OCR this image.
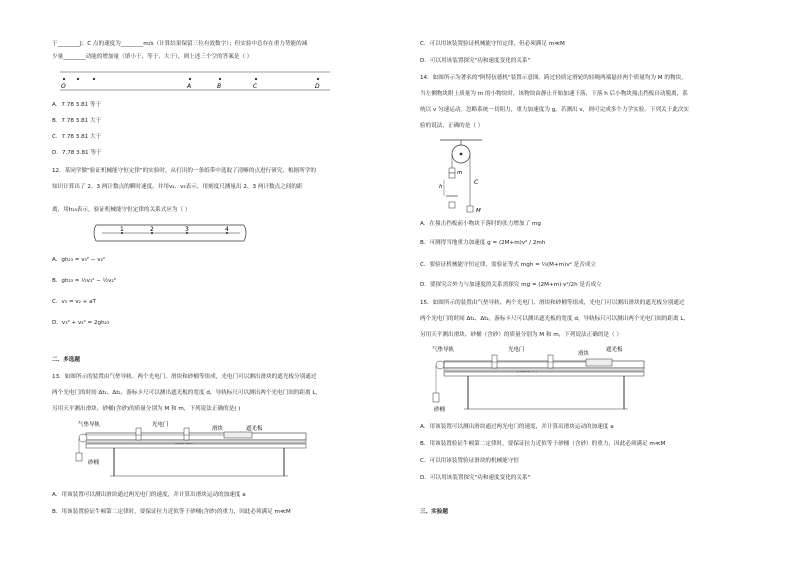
于________J；C 点的速度为________m/s（计算结果保留三位有效数字）；但实验中总存在重力势能的减
少量________动能的增加量（填小于、等于、大于），则上述三个空的答案是（ ）
O	A	B	C	D
A．7.78 3.81 等于
B．7.78 3.81 大于
C．7.78 3.81 大于
D．7.78 3.81 等于
12．某同学做"验证机械能守恒定律"的实验时，从打出的一条纸带中选取了清晰的点进行研究，根据所学的
知识计算出了 2、3 两计数点的瞬时速度，并用v₂、v₃表示，用刻度尺测量出 2、3 两计数点之间的距
离，用h₂₃表示，验证机械能守恒定律的关系式应为（ ）
1	2	3	4
A．gh₂₃ = v₃² − v₂²
B．gh₂₃ = ½v₃² − ½v₂²
C．v₃ = v₂ + aT
D．v₃² + v₂² = 2gh₂₃
二、多选题
13．如图所示的装置由气垫导轨、两个光电门、滑块和砂桶等组成，光电门可以测出滑块的遮光板分别通过
两个光电门的时间 Δt₁、Δt₂，游标卡尺可以测出遮光板的宽度 d，导轨标尺可以测出两个光电门间的距离 L，
另用天平测出滑块、砂桶(含砂)的质量分别为 M 和 m，下列说法正确的是( )
气垫导轨	光电门
滑块	遮光板
砂桶
A．用该装置可以测出滑块通过两光电门的速度，并计算出滑块运动的加速度 a
B．用该装置验证牛顿第二定律时，要保证拉力近似等于砂桶(含砂)的重力，因此必须满足 m≪M
C．可以用该装置验证机械能守恒定律，但必须满足 m≪M
D．可以用该装置探究"功和速度变化的关系"
14．如图所示为著名的"阿特伍德机"装置示意图。跨过轻质定滑轮的轻绳两端悬挂两个质量均为 M 的物块，
当左侧物块附上质量为 m 的小物块时，该物块由静止开始加速下落，下落 h 后小物块撞击挡板自动脱离，系
统以 v 匀速运动。忽略系统一切阻力，重力加速度为 g。若测出 v，则可完成多个力学实验。下列关于此次实
验的说法，正确的是（ ）
m
C
h
M
A．在撞击挡板前小物块下落时的张力增加了 mg
B．可测得当地重力加速度 g = (2M+m)v² / 2mh
C．要验证机械能守恒定律，需验证等式 mgh = ½(M+m)v² 是否成立
D．要探究合外力与加速度的关系需探究 mg = (2M+m)·v²/2h 是否成立
15．如图所示的装置由气垫导轨、两个光电门、滑块和砂桶等组成，光电门可以测出滑块的遮光板分别通过
两个光电门的时间 Δt₁、Δt₂，游标卡尺可以测出遮光板的宽度 d，导轨标尺可以测出两个光电门间的距离 L，
另用天平测出滑块、砂桶（含砂）的质量分别为 M 和 m，下列说法正确的是（ ）
气垫导轨	光电门
滑块
遮光板
砂桶
A．用该装置可以测出滑块通过两光电门的速度，并计算出滑块运动的加速度 a
B．用该装置验证牛顿第二定律时，要保证拉力近似等于砂桶（含砂）的重力，因此必须满足 m≪M
C．可以用该装置验证滑块的机械能守恒
D．可以用该装置探究"功和速度变化的关系"
三、实验题
